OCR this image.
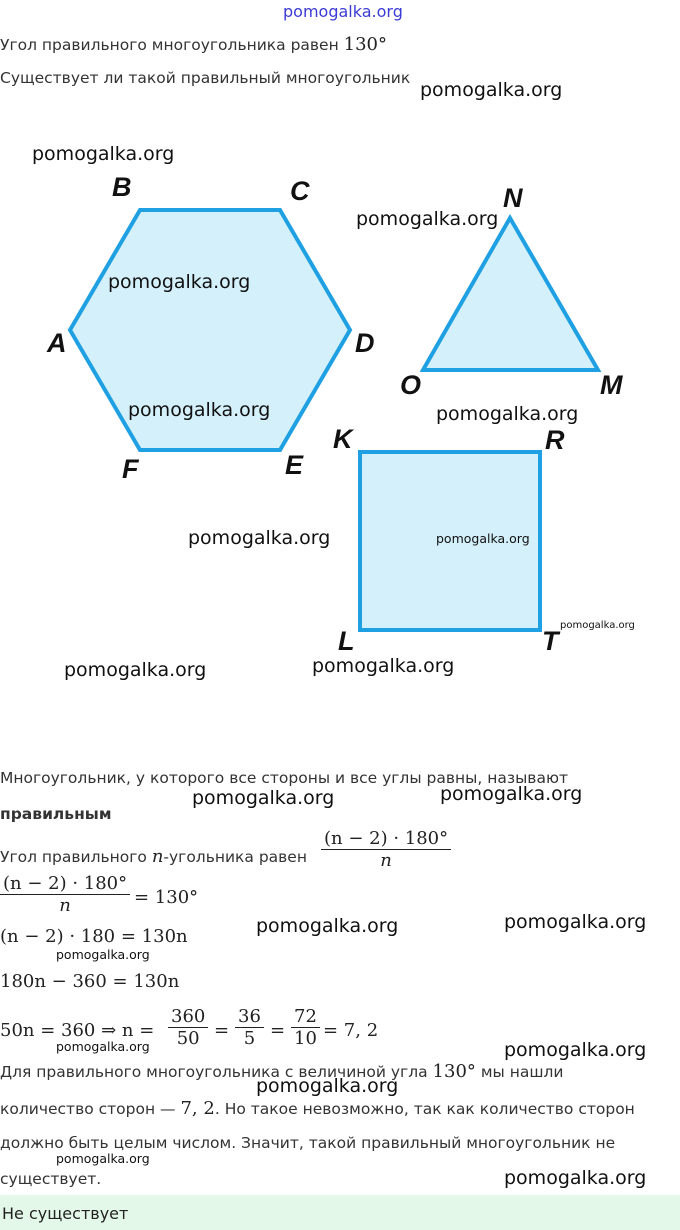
pomogalka.org
Угол правильного многоугольника равен 130°
Существует ли такой правильный многоугольник
B	C
A	D
F	E
N
O	M
K	R
L	T
Многоугольник, у которого все стороны и все углы равны, называют
правильным
Угол правильного n-угольника равен
(n − 2) · 180°
n
(n − 2) · 180°
n	= 130°
(n − 2) · 180 = 130n
180n − 360 = 130n
50n = 360 ⇒ n =
360
50 =
36
5 =
72
10 = 7, 2
Для правильного многоугольника с величиной угла 130° мы нашли
количество сторон — 7, 2. Но такое невозможно, так как количество сторон
должно быть целым числом. Значит, такой правильный многоугольник не
существует.
Не существует
pomogalka.org
pomogalka.org
pomogalka.org
pomogalka.org
pomogalka.org	pomogalka.org
pomogalka.org	pomogalka.org
pomogalka.org
pomogalka.org	pomogalka.org
pomogalka.org	pomogalka.org
pomogalka.org	pomogalka.org
pomogalka.org
pomogalka.org	pomogalka.org
pomogalka.org
pomogalka.org
pomogalka.org
